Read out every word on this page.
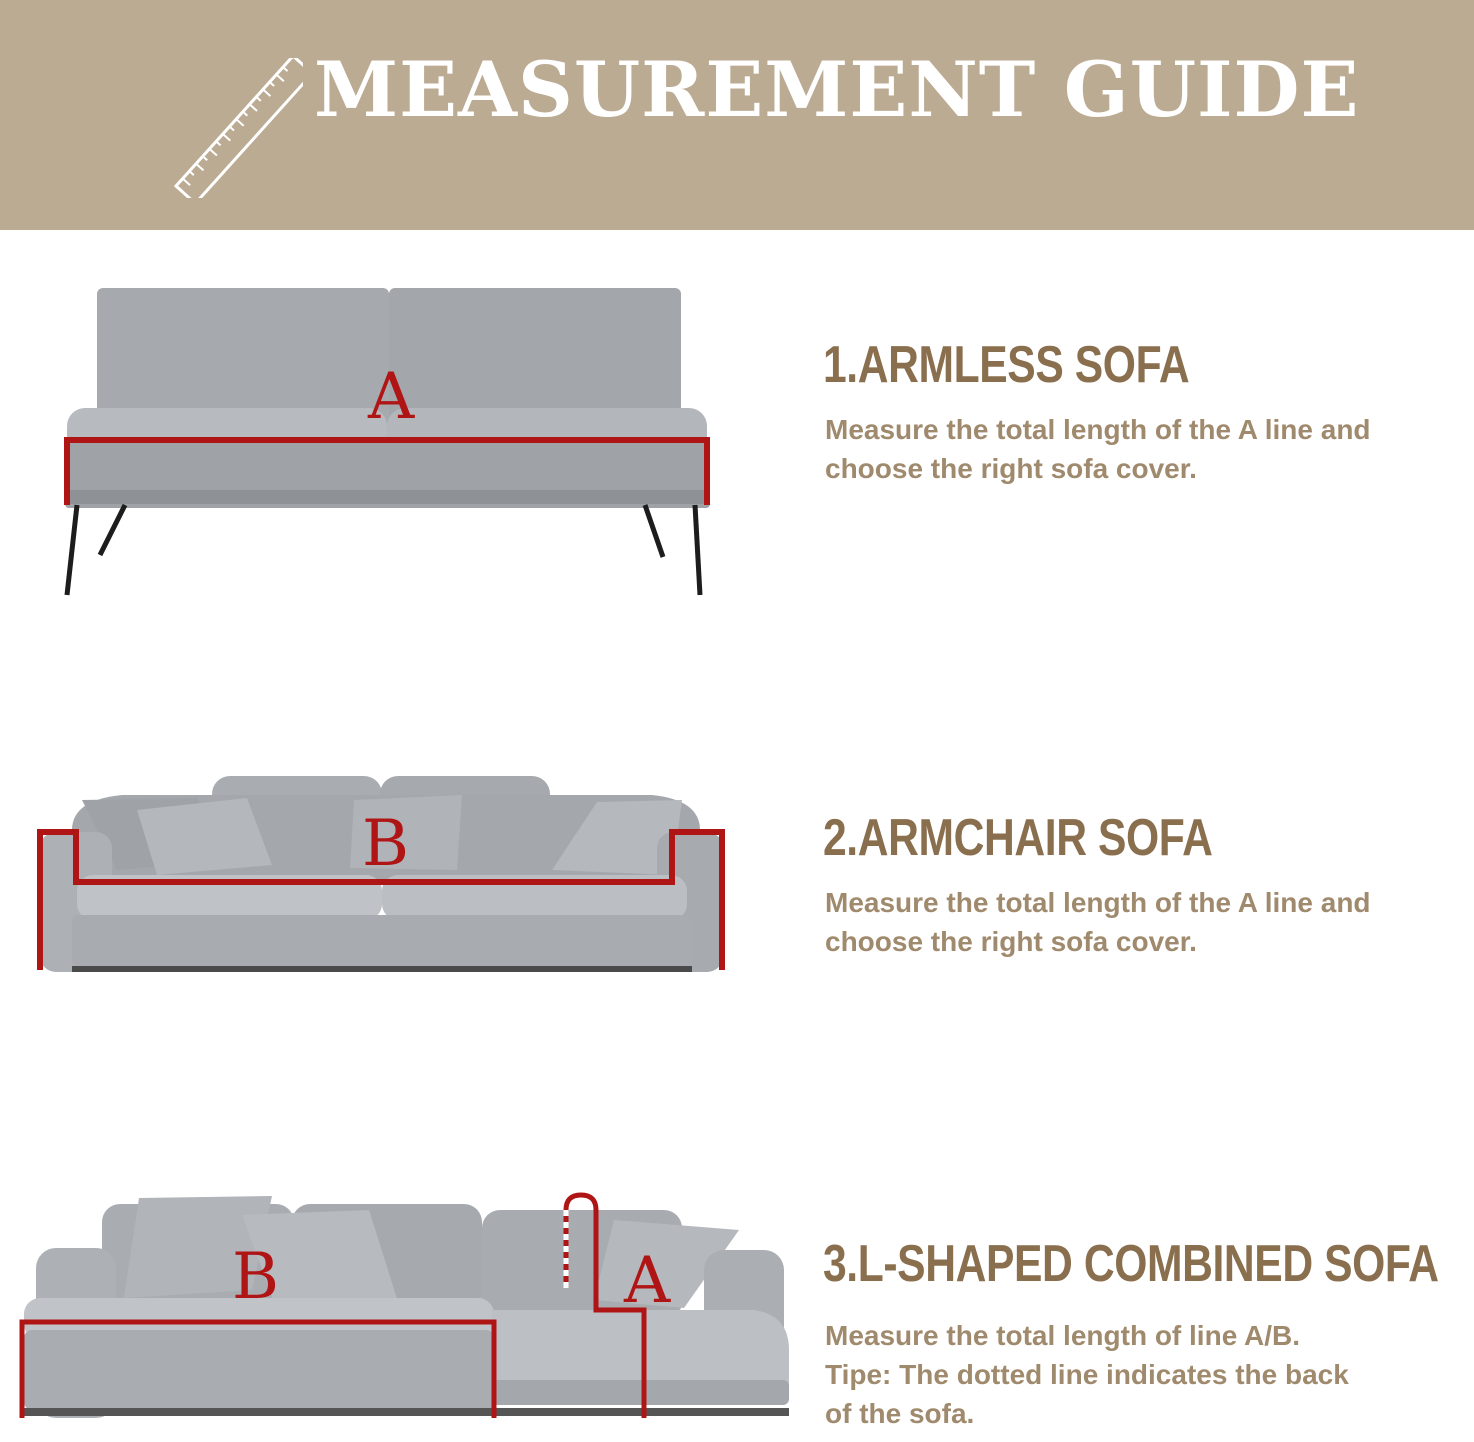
MEASUREMENT GUIDE
A	1.ARMLESS SOFA
Measure the total length of the A line and
choose the right sofa cover.
B	2.ARMCHAIR SOFA
Measure the total length of the A line and
choose the right sofa cover.
B	A	3.L-SHAPED COMBINED SOFA
Measure the total length of line A/B.
Tipe: The dotted line indicates the back
of the sofa.
